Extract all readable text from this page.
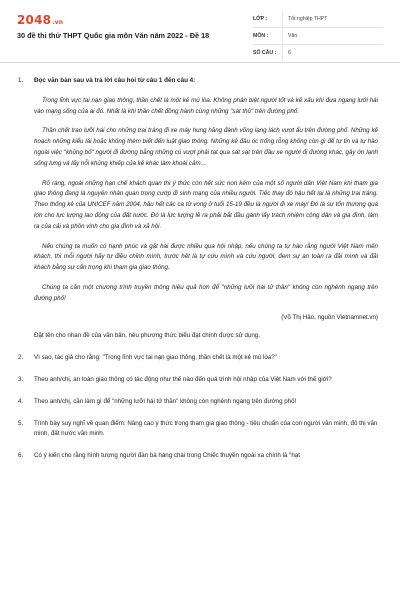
2048.vn
30 đề thi thử THPT Quốc gia môn Văn năm 2022 - Đề 18
LỚP :	Tốt nghiệp THPT
MÔN :	Văn
SỐ CÂU :	6
1. Đọc văn bản sau và trả lời câu hỏi từ câu 1 đến câu 4:
Trong lĩnh vực tai nạn giao thông, thần chết là một kẻ mù lòa. Không phân biệt người tốt và kẻ xấu khi đưa ngang lưới hái vào mạng sống của ai đó. Nhất là khi thần chết đồng hành cùng những "sát thủ" trên đường phố.
Thần chết trao lưỡi hái cho những trai tráng đi xe máy hung hăng đánh võng lạng lách vượt ẩu trên đường phố. Những kế hoạch những kiểu lái hoặc không thèm biết đến luật giao thông. Những kẻ đâu óc trống rỗng không còn gì để tự tin và tự hào ngoài việc "khủng bố" người đi đường bằng những cú vượt phải tạt qua sát sạt trên đầu xe người đi đường khác, gây ớn lạnh sống lưng và lấy nỗi khủng khiếp của kẻ khác làm khoái cảm...
Rõ ràng, ngoài những hạn chế khách quan thì ý thức còn hết sức non kém của một số người dân Việt Nam khi tham gia giao thông đang là nguyên nhân quan trọng cướp đi sinh mạng của nhiều người. Tiếc thay đó hậu hết lại là những trai tráng. Theo thống kê của UNICEF năm 2004, hầu hết các ca tử vong ở tuổi 15-19 đều là người đi xe máy! Đó là sự tổn thương quá lớn cho lực lượng lao động của đất nước. Đó là lực lượng lẽ ra phải bắt đầu gánh lấy trách nhiệm cộng dân và gia đình, làm ra của cải và phồn vinh cho gia đình và xã hội.
Nếu chúng ta muốn có hạnh phúc và gặt hái được nhiều qua hội nhập, nếu chúng ta tự hào rằng người Việt Nam mến khách, thì mỗi người hãy tự điều chỉnh mình, trước hết là tự cứu mình và cứu người, đem sự an toàn ra đãi mình và đãi khách bằng sự cẩn trọng khi tham gia giao thông.
Chúng ta cần một chương trình truyền thông hiệu quả hơn để "những lưỡi hái tử thần" không còn nghênh ngang trên đường phố!
(Võ Thị Hảo, nguồn Vietnamnet.vn)
Đặt tên cho nhan đề của văn bản, nêu phương thức biểu đạt chính được sử dụng.
2. Vì sao, tác giả cho rằng: "Trong lĩnh vực tai nạn giao thông, thần chết là một kẻ mù lòa?"
3. Theo anh/chị, an toàn giao thông có tác động như thế nào đến quá trình hội nhập của Việt Nam với thế giới?
4. Theo anh/chị, cần làm gì để "những lưỡi hái tử thần" không còn nghênh ngang trên đường phố!
5. Trình bày suy nghĩ về quan điểm: Nâng cao ý thức trong tham gia giao thông - tiêu chuẩn của con người văn minh, đô thị văn minh, đất nước văn minh.
6. Có ý kiến cho rằng hình tượng người đàn bà hàng chài trong Chiếc thuyền ngoài xa chính là "hạt
